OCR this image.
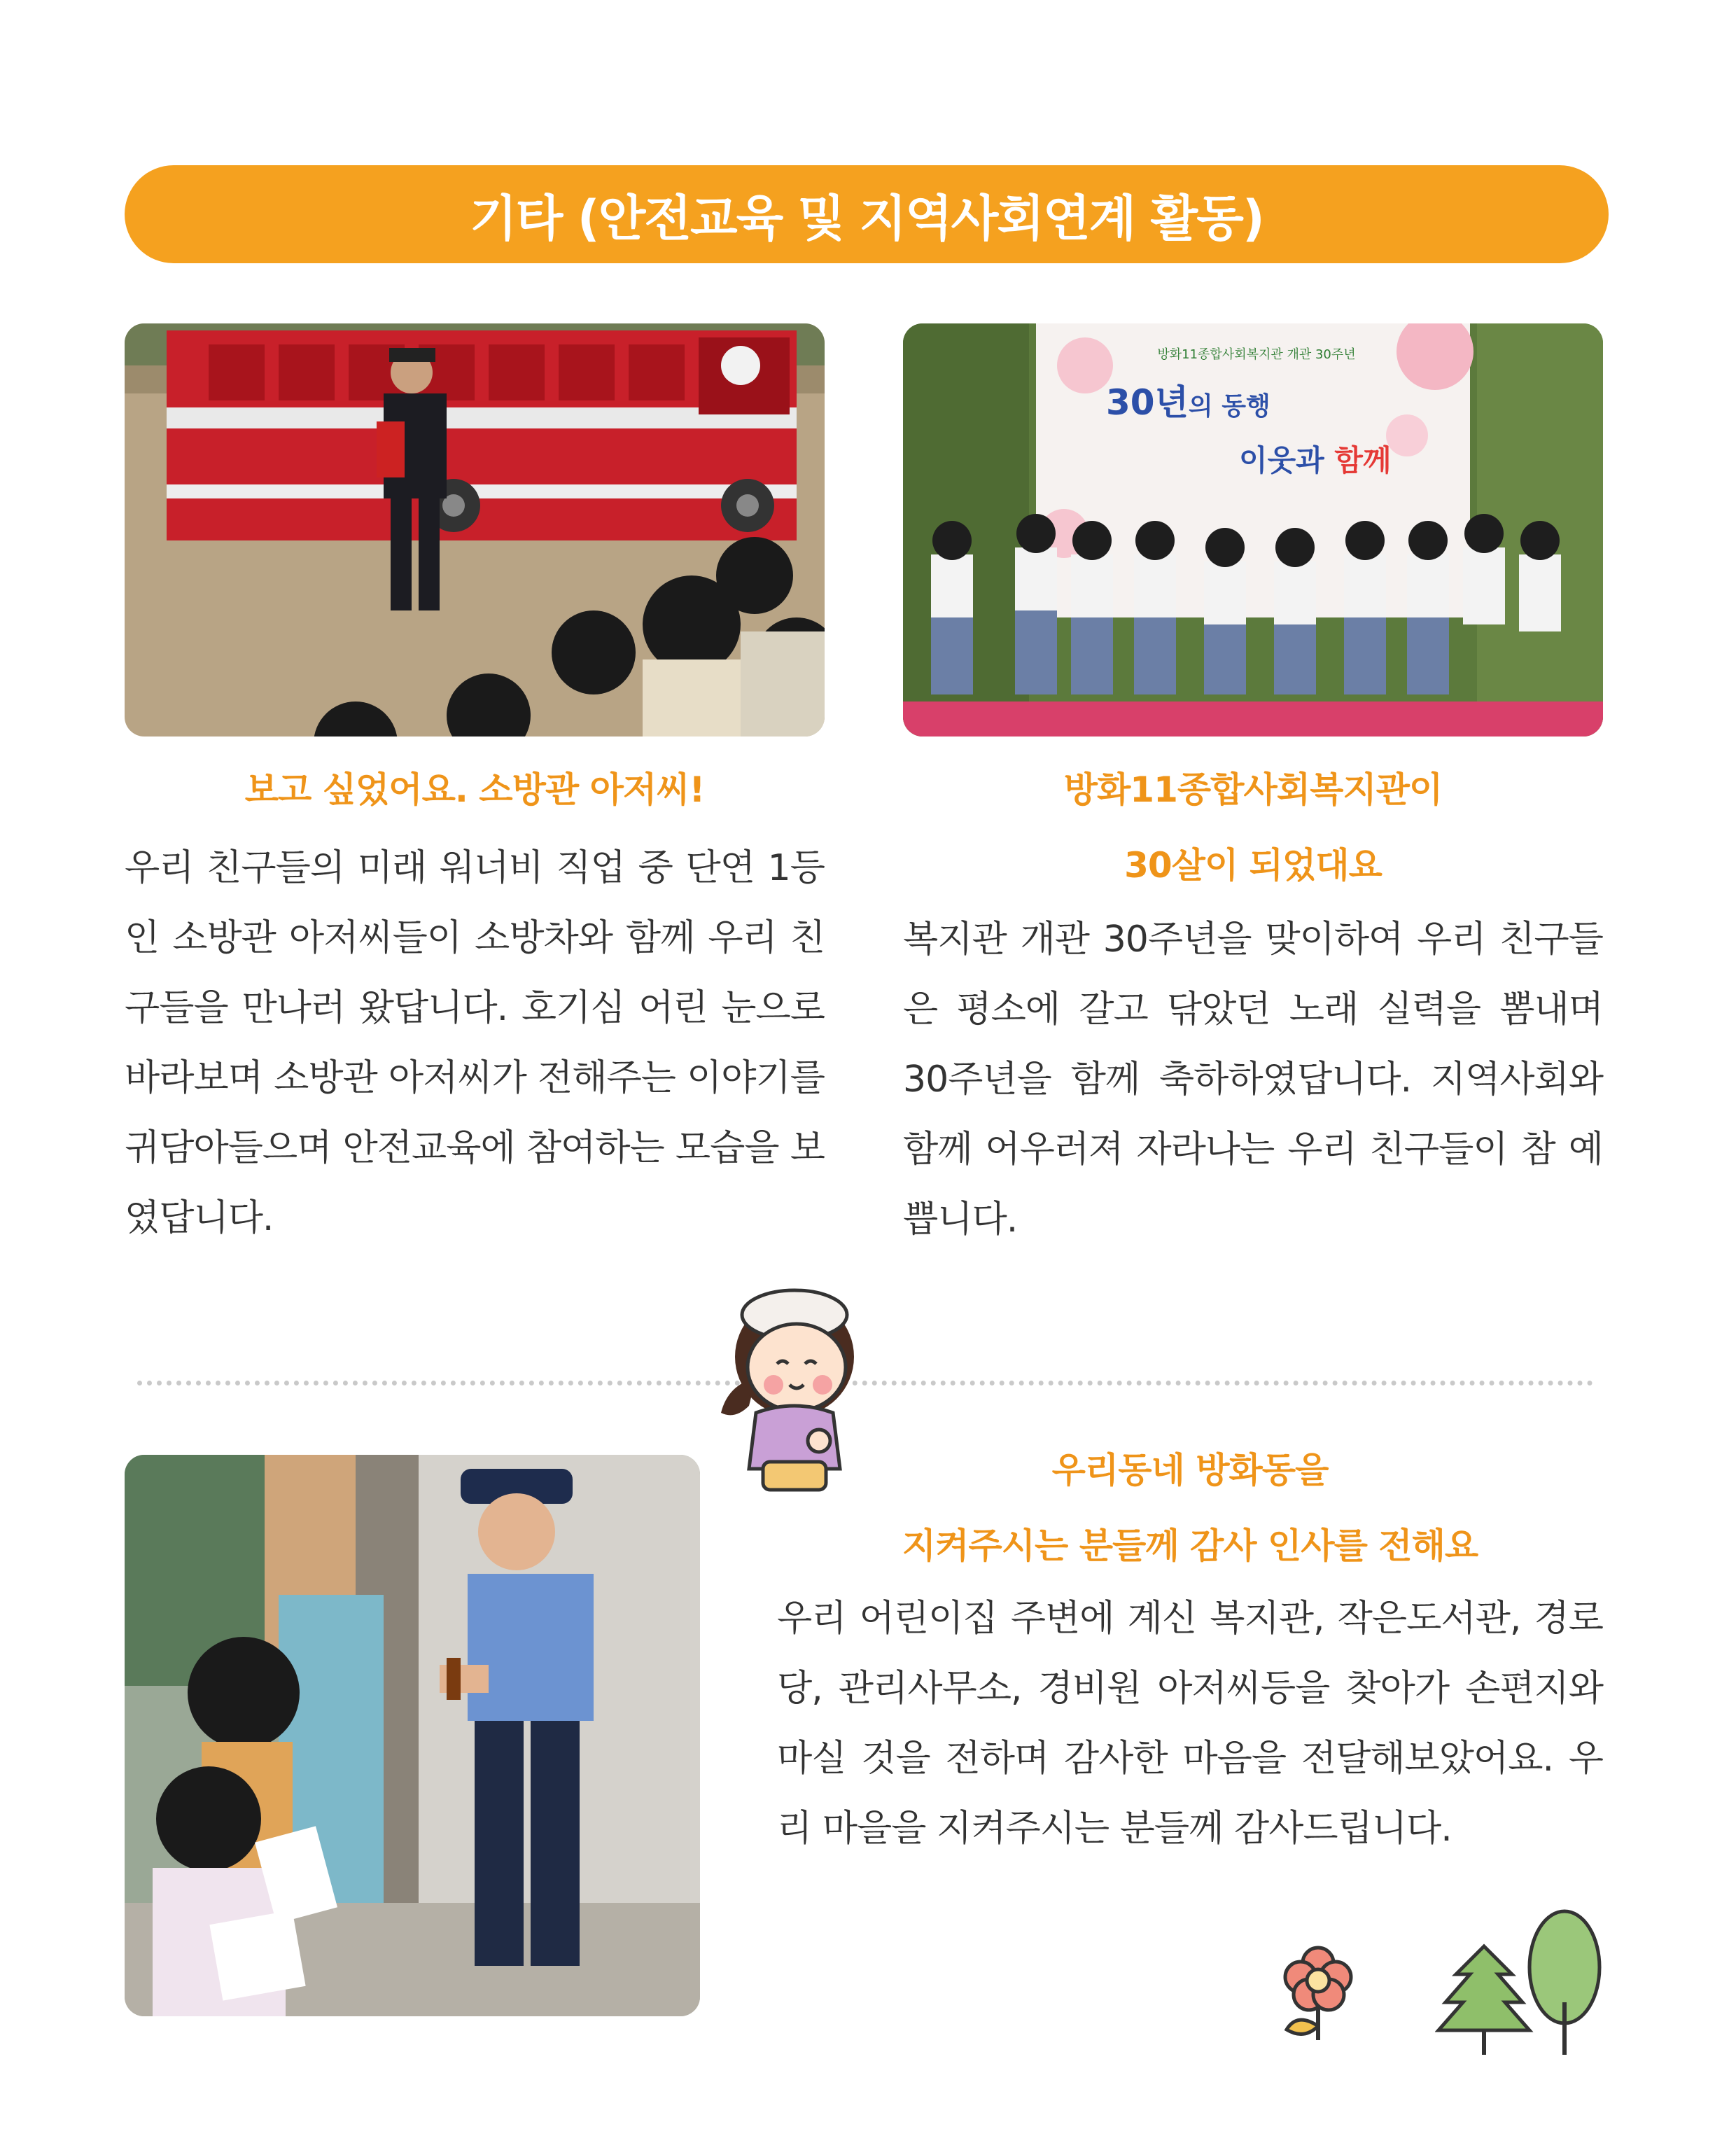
기타 (안전교육 및 지역사회연계 활동)
방화11종합사회복지관 개관 30주년
30년의 동행
이웃과 함께
보고 싶었어요. 소방관 아저씨!

우리 친구들의 미래 워너비 직업 중 단연 1등인 소방관 아저씨들이 소방차와 함께 우리 친구들을 만나러 왔답니다. 호기심 어린 눈으로 바라보며 소방관 아저씨가 전해주는 이야기를 귀담아들으며 안전교육에 참여하는 모습을 보였답니다.

방화11종합사회복지관이
30살이 되었대요

복지관 개관 30주년을 맞이하여 우리 친구들은 평소에 갈고 닦았던 노래 실력을 뽐내며 30주년을 함께 축하하였답니다. 지역사회와 함께 어우러져 자라나는 우리 친구들이 참 예쁩니다.

우리동네 방화동을
지켜주시는 분들께 감사 인사를 전해요

우리 어린이집 주변에 계신 복지관, 작은도서관, 경로당, 관리사무소, 경비원 아저씨등을 찾아가 손편지와 마실 것을 전하며 감사한 마음을 전달해보았어요. 우리 마을을 지켜주시는 분들께 감사드립니다.
